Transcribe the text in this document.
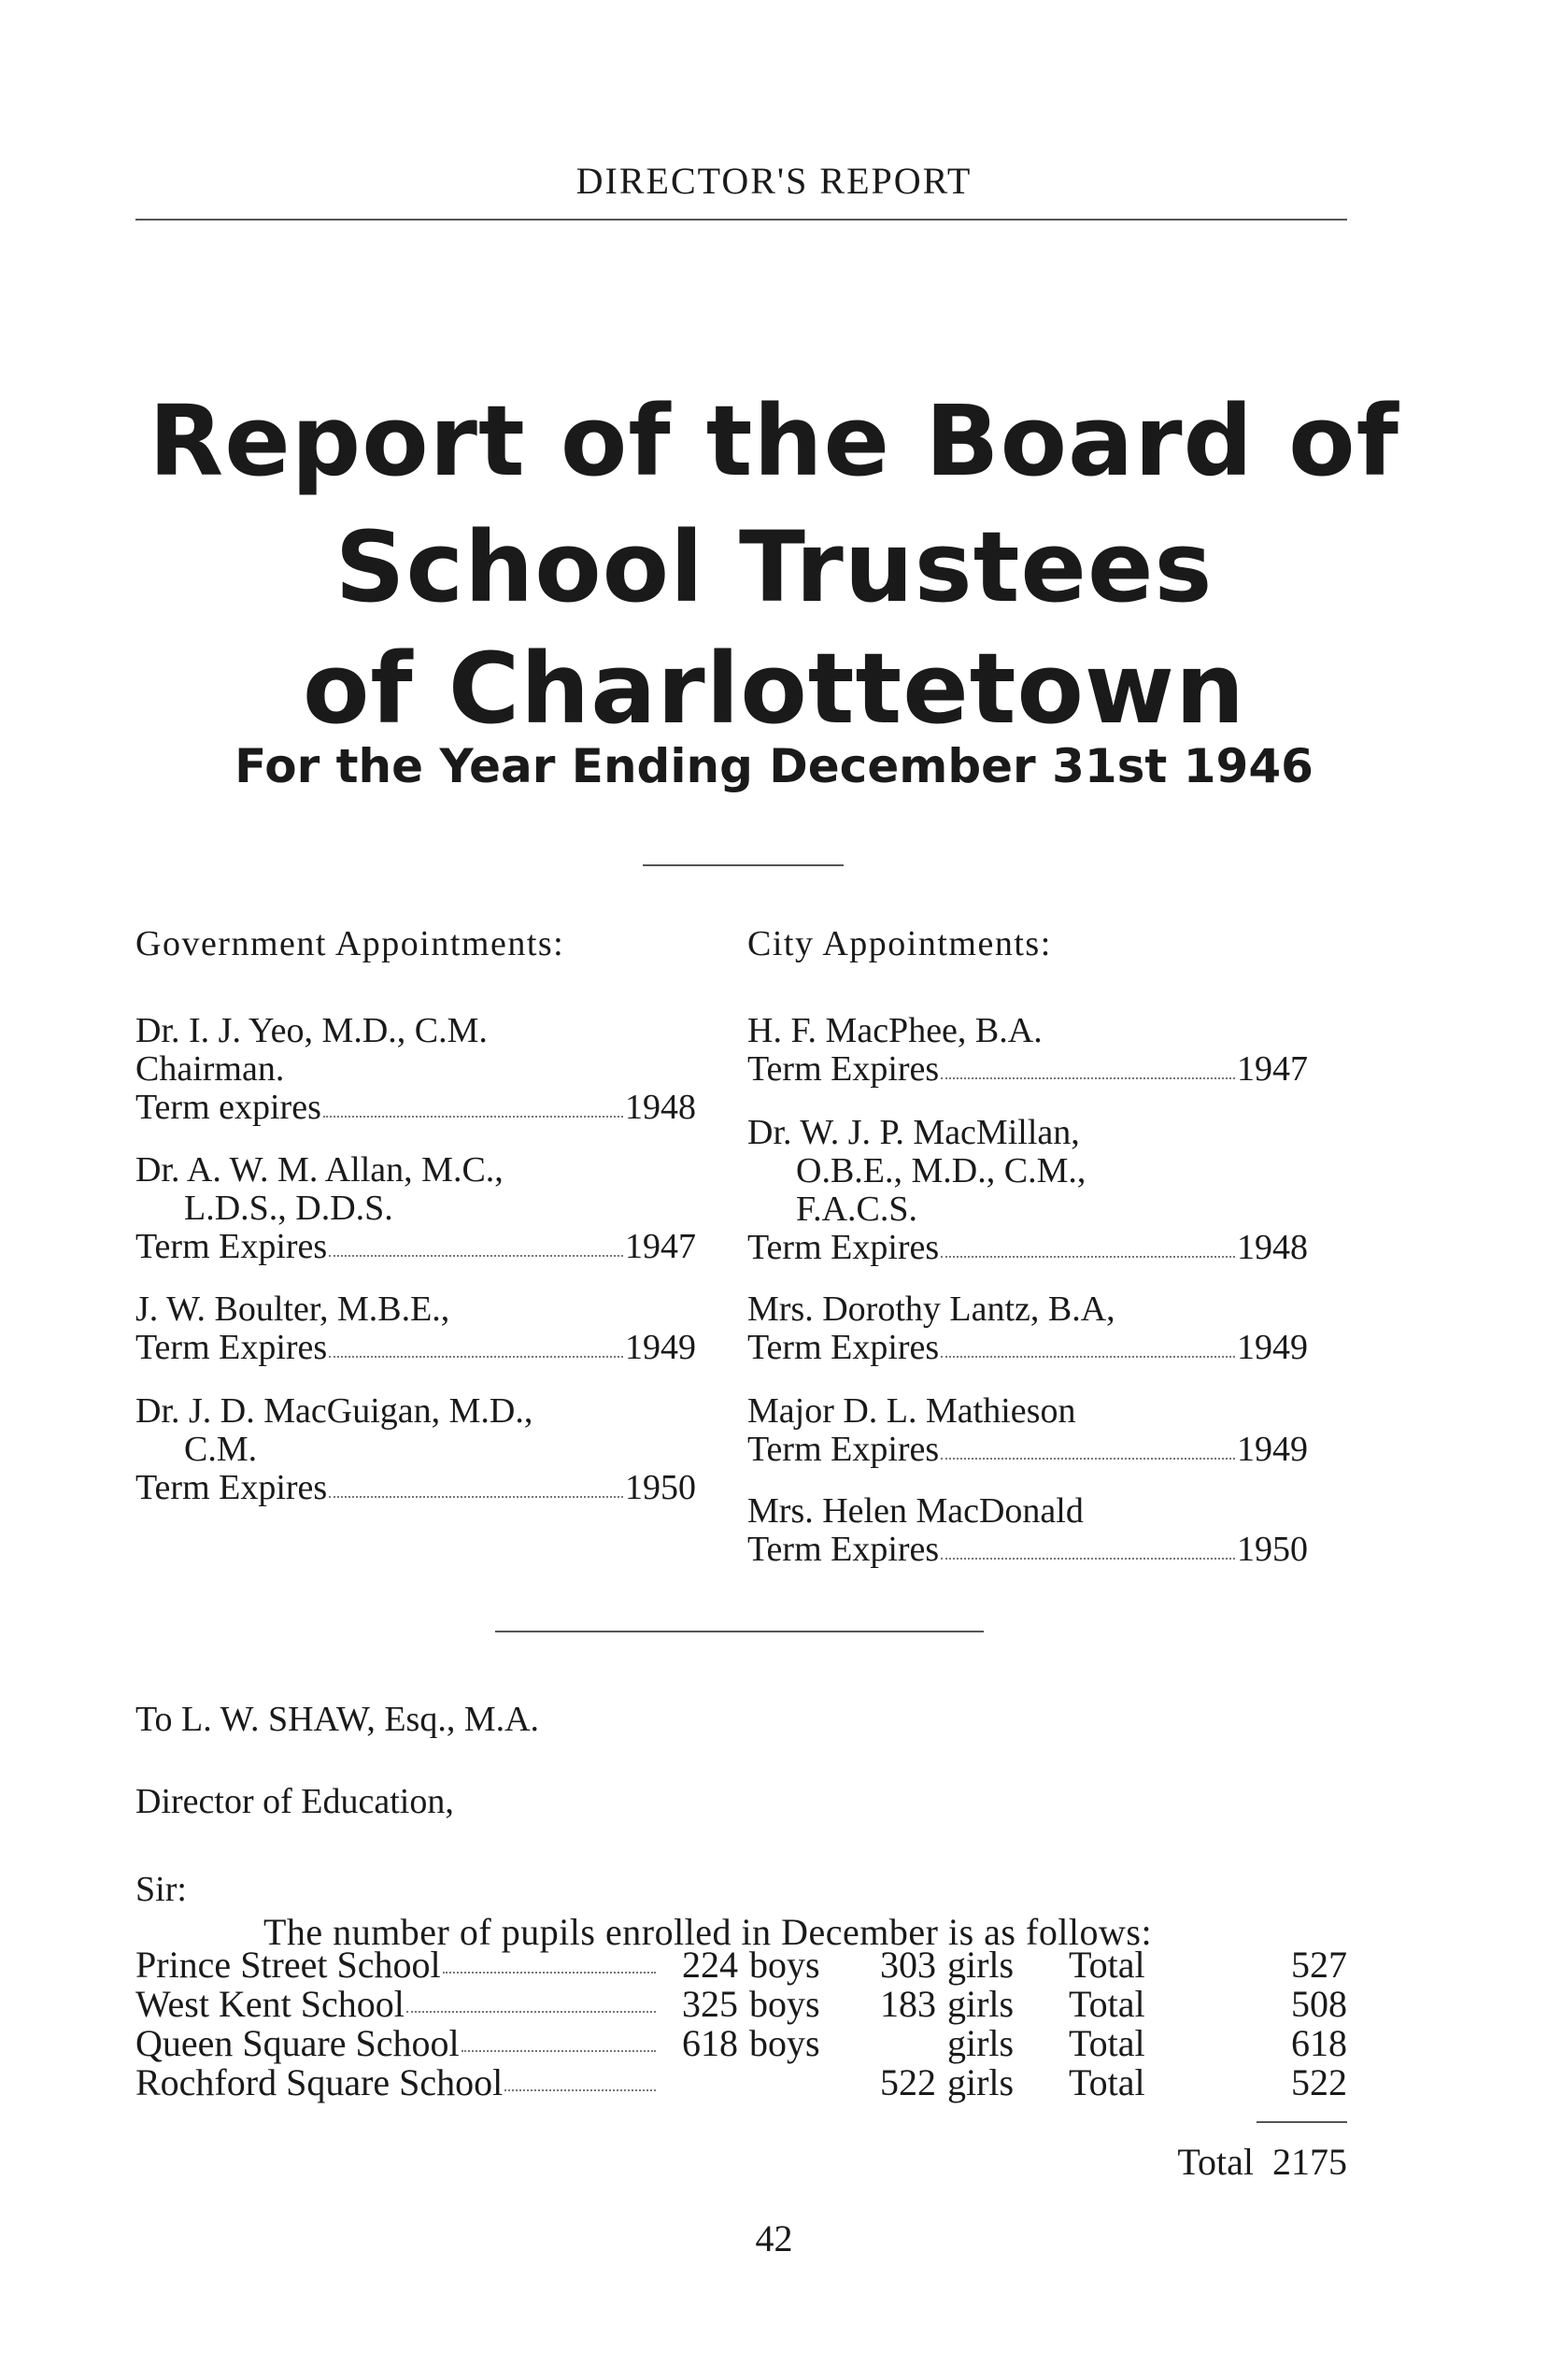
DIRECTOR'S REPORT
Report of the Board of
School Trustees
of Charlottetown
For the Year Ending December 31st 1946
Government Appointments:	City Appointments:
Dr. I. J. Yeo, M.D., C.M.
Chairman.
Term expires	1948
Dr. A. W. M. Allan, M.C.,
L.D.S., D.D.S.
Term Expires	1947
J. W. Boulter, M.B.E.,
Term Expires	1949
Dr. J. D. MacGuigan, M.D.,
C.M.
Term Expires	1950
H. F. MacPhee, B.A.
Term Expires	1947
Dr. W. J. P. MacMillan,
O.B.E., M.D., C.M.,
F.A.C.S.
Term Expires	1948
Mrs. Dorothy Lantz, B.A,
Term Expires	1949
Major D. L. Mathieson
Term Expires	1949
Mrs. Helen MacDonald
Term Expires	1950
To L. W. SHAW, Esq., M.A.
Director of Education,
Sir:
The number of pupils enrolled in December is as follows:
Prince Street School	224	boys	303	girls	Total	527

West Kent School	325	boys	183	girls	Total	508

Queen Square School	618	boys		girls	Total	618

Rochford Square School			522	girls	Total	522
Total 2175
42
